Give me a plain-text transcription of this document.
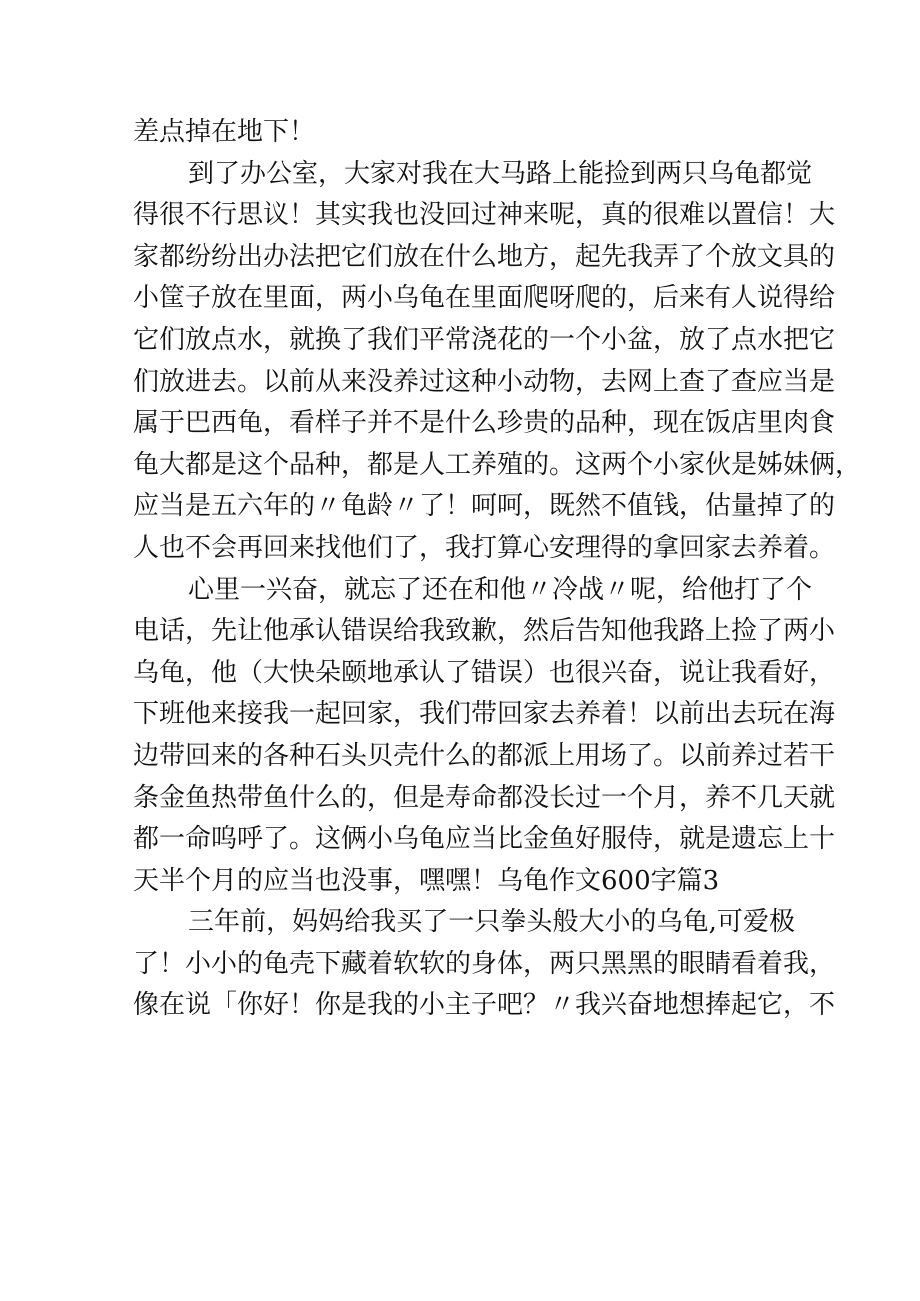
差点掉在地下！
到了办公室，大家对我在大马路上能捡到两只乌龟都觉
得很不行思议！其实我也没回过神来呢，真的很难以置信！大
家都纷纷出办法把它们放在什么地方，起先我弄了个放文具的
小筐子放在里面，两小乌龟在里面爬呀爬的，后来有人说得给
它们放点水，就换了我们平常浇花的一个小盆，放了点水把它
们放进去。以前从来没养过这种小动物，去网上查了查应当是
属于巴西龟，看样子并不是什么珍贵的品种，现在饭店里肉食
龟大都是这个品种，都是人工养殖的。这两个小家伙是姊妹俩，
应当是五六年的〃龟龄〃了！呵呵，既然不值钱，估量掉了的
人也不会再回来找他们了，我打算心安理得的拿回家去养着。
心里一兴奋，就忘了还在和他〃冷战〃呢，给他打了个
电话，先让他承认错误给我致歉，然后告知他我路上捡了两小
乌龟，他（大快朵颐地承认了错误）也很兴奋，说让我看好，
下班他来接我一起回家，我们带回家去养着！以前出去玩在海
边带回来的各种石头贝壳什么的都派上用场了。以前养过若干
条金鱼热带鱼什么的，但是寿命都没长过一个月，养不几天就
都一命呜呼了。这俩小乌龟应当比金鱼好服侍，就是遗忘上十
天半个月的应当也没事，嘿嘿！乌龟作文600字篇3
三年前，妈妈给我买了一只拳头般大小的乌龟,可爱极
了！小小的龟壳下藏着软软的身体，两只黑黑的眼睛看着我，
像在说「你好！你是我的小主子吧？〃我兴奋地想捧起它，不
